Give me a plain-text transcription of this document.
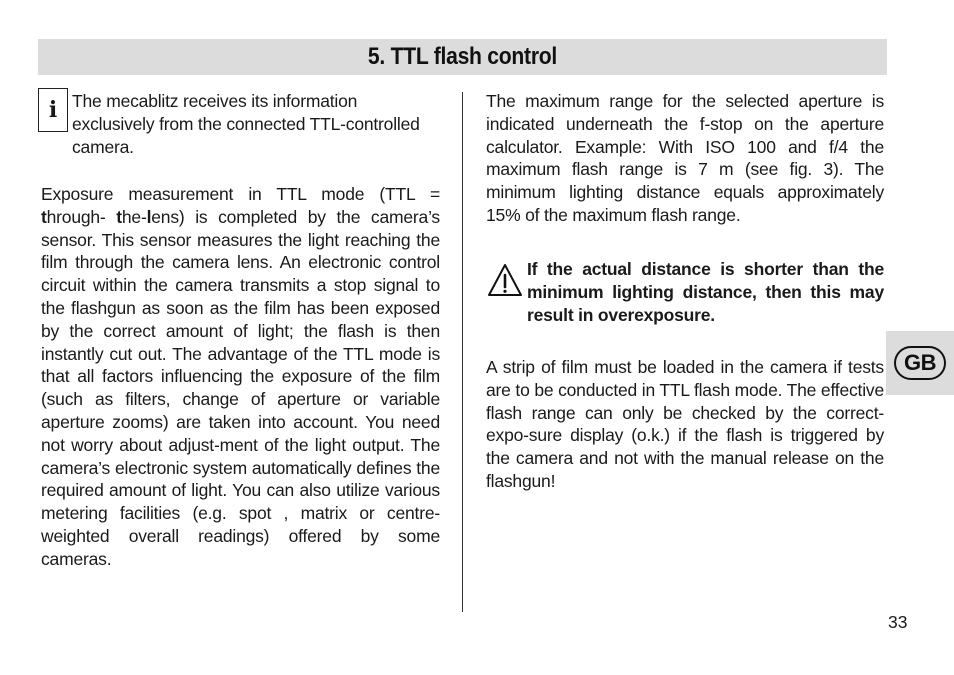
5. TTL flash control
i The mecablitz receives its information exclusively from the connected TTL-controlled camera.
Exposure measurement in TTL mode (TTL = through- the-lens) is completed by the camera’s sensor. This sensor measures the light reaching the film through the camera lens. An electronic control circuit within the camera transmits a stop signal to the flashgun as soon as the film has been exposed by the correct amount of light; the flash is then instantly cut out. The advantage of the TTL mode is that all factors influencing the exposure of the film (such as filters, change of aperture or variable aperture zooms) are taken into account. You need not worry about adjust-ment of the light output. The camera’s electronic system automatically defines the required amount of light. You can also utilize various metering facilities (e.g. spot , matrix or centre-weighted overall readings) offered by some cameras.
The maximum range for the selected aperture is indicated underneath the f-stop on the aperture calculator. Example: With ISO 100 and f/4 the maximum flash range is 7 m (see fig. 3). The minimum lighting distance equals approximately 15% of the maximum flash range.
If the actual distance is shorter than the minimum lighting distance, then this may result in overexposure.
A strip of film must be loaded in the camera if tests are to be conducted in TTL flash mode. The effective flash range can only be checked by the correct-expo-sure display (o.k.) if the flash is triggered by the camera and not with the manual release on the flashgun!
GB
33
